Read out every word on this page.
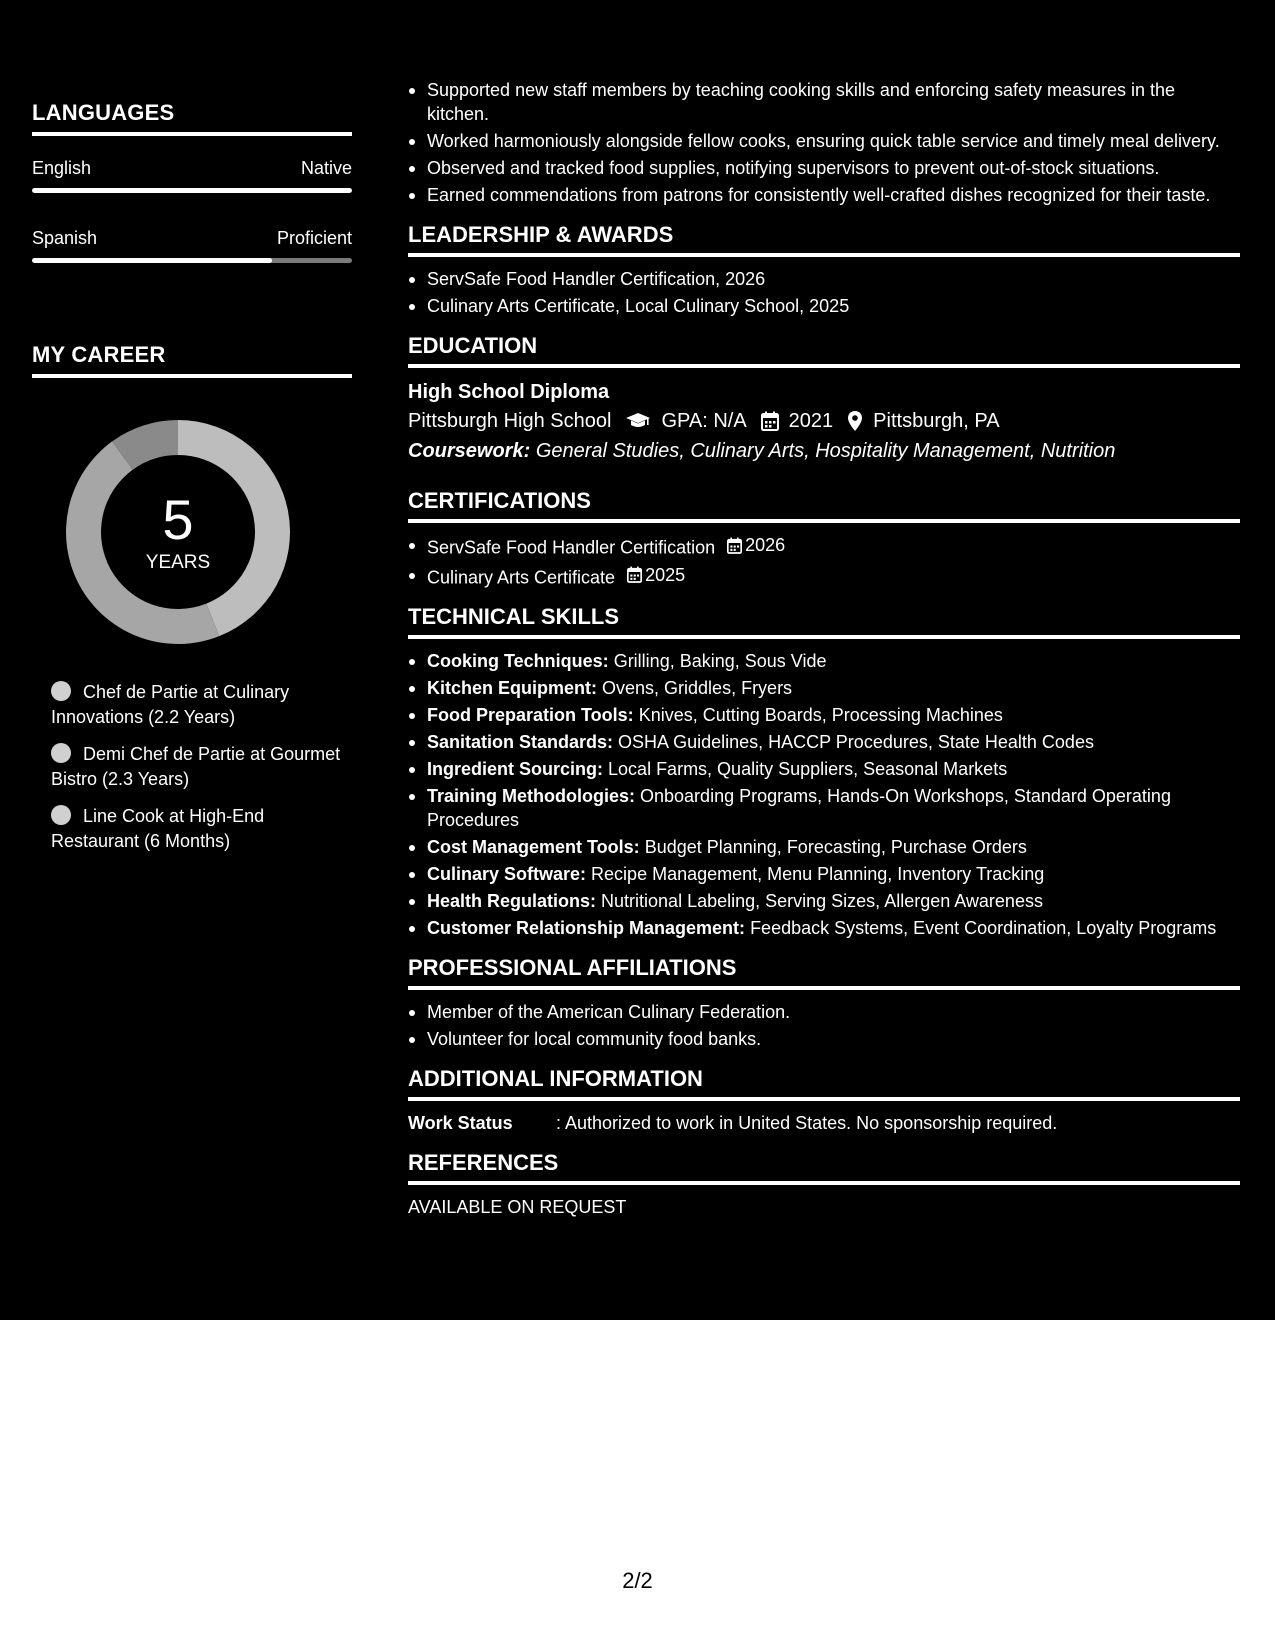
LANGUAGES
English	Native
Spanish	Proficient
MY CAREER
5
YEARS
Chef de Partie at Culinary Innovations (2.2 Years)
Demi Chef de Partie at Gourmet Bistro (2.3 Years)
Line Cook at High-End Restaurant (6 Months)
Supported new staff members by teaching cooking skills and enforcing safety measures in the kitchen.
Worked harmoniously alongside fellow cooks, ensuring quick table service and timely meal delivery.
Observed and tracked food supplies, notifying supervisors to prevent out-of-stock situations.
Earned commendations from patrons for consistently well-crafted dishes recognized for their taste.
LEADERSHIP & AWARDS
ServSafe Food Handler Certification, 2026
Culinary Arts Certificate, Local Culinary School, 2025
EDUCATION
High School Diploma
Pittsburgh High School	GPA: N/A 2021 Pittsburgh, PA
Coursework: General Studies, Culinary Arts, Hospitality Management, Nutrition
CERTIFICATIONS
ServSafe Food Handler Certification 2026
Culinary Arts Certificate 2025
TECHNICAL SKILLS
Cooking Techniques: Grilling, Baking, Sous Vide
Kitchen Equipment: Ovens, Griddles, Fryers
Food Preparation Tools: Knives, Cutting Boards, Processing Machines
Sanitation Standards: OSHA Guidelines, HACCP Procedures, State Health Codes
Ingredient Sourcing: Local Farms, Quality Suppliers, Seasonal Markets
Training Methodologies: Onboarding Programs, Hands-On Workshops, Standard Operating Procedures
Cost Management Tools: Budget Planning, Forecasting, Purchase Orders
Culinary Software: Recipe Management, Menu Planning, Inventory Tracking
Health Regulations: Nutritional Labeling, Serving Sizes, Allergen Awareness
Customer Relationship Management: Feedback Systems, Event Coordination, Loyalty Programs
PROFESSIONAL AFFILIATIONS
Member of the American Culinary Federation.
Volunteer for local community food banks.
ADDITIONAL INFORMATION
Work Status	: Authorized to work in United States. No sponsorship required.
REFERENCES
AVAILABLE ON REQUEST
2/2
